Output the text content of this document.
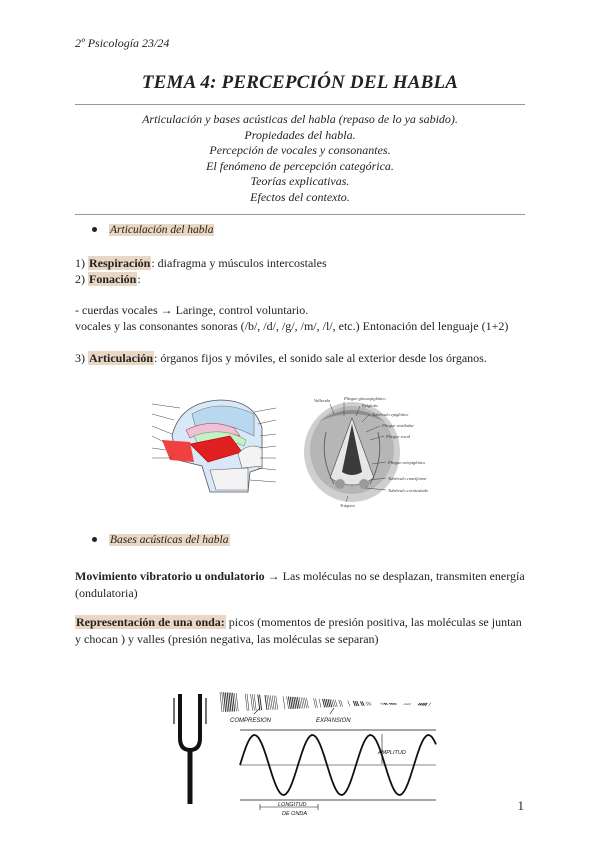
2º Psicología 23/24
TEMA 4: PERCEPCIÓN DEL HABLA
Articulación y bases acústicas del habla (repaso de lo ya sabido).
Propiedades del habla.
Percepción de vocales y consonantes.
El fenómeno de percepción categórica.
Teorías explicativas.
Efectos del contexto.
Articulación del habla
1) Respiración: diafragma y músculos intercostales
2) Fonación:
- cuerdas vocales → Laringe, control voluntario.
vocales y las consonantes sonoras (/b/, /d/, /g/, /m/, /l/, etc.) Entonación del lenguaje (1+2)
3) Articulación: órganos fijos y móviles, el sonido sale al exterior desde los órganos.
Vallecula	Pliegue glosoepiglótico
Epiglotis
Tubérculo epiglótico
Pliegue vestibular
Pliegue vocal
Pliegue ariepiglótico
Tubérculo cuneiforme
Tubérculo corniculado
Tráquea
Bases acústicas del habla
Movimiento vibratorio u ondulatorio → Las moléculas no se desplazan, transmiten energía (ondulatoria)
Representación de una onda: picos (momentos de presión positiva, las moléculas se juntan y chocan ) y valles (presión negativa, las moléculas se separan)
COMPRESION	EXPANSION
AMPLITUD
LONGITUD
DE ONDA
1
